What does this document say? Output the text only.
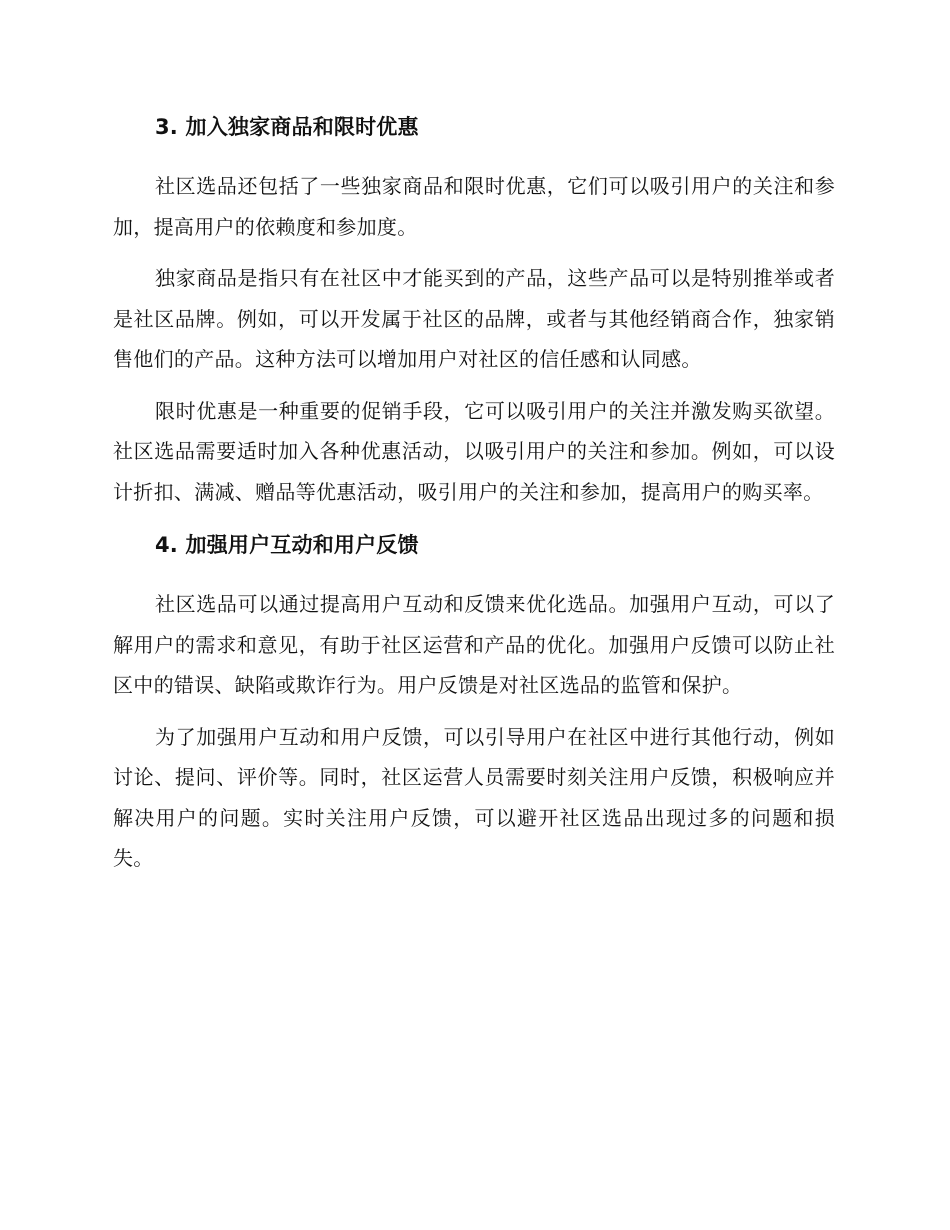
3. 加入独家商品和限时优惠

社区选品还包括了一些独家商品和限时优惠，它们可以吸引用户的关注和参加，提高用户的依赖度和参加度。

独家商品是指只有在社区中才能买到的产品，这些产品可以是特别推举或者是社区品牌。例如，可以开发属于社区的品牌，或者与其他经销商合作，独家销售他们的产品。这种方法可以增加用户对社区的信任感和认同感。

限时优惠是一种重要的促销手段，它可以吸引用户的关注并激发购买欲望。社区选品需要适时加入各种优惠活动，以吸引用户的关注和参加。例如，可以设计折扣、满减、赠品等优惠活动，吸引用户的关注和参加，提高用户的购买率。

4. 加强用户互动和用户反馈

社区选品可以通过提高用户互动和反馈来优化选品。加强用户互动，可以了解用户的需求和意见，有助于社区运营和产品的优化。加强用户反馈可以防止社区中的错误、缺陷或欺诈行为。用户反馈是对社区选品的监管和保护。

为了加强用户互动和用户反馈，可以引导用户在社区中进行其他行动，例如讨论、提问、评价等。同时，社区运营人员需要时刻关注用户反馈，积极响应并解决用户的问题。实时关注用户反馈，可以避开社区选品出现过多的问题和损失。
